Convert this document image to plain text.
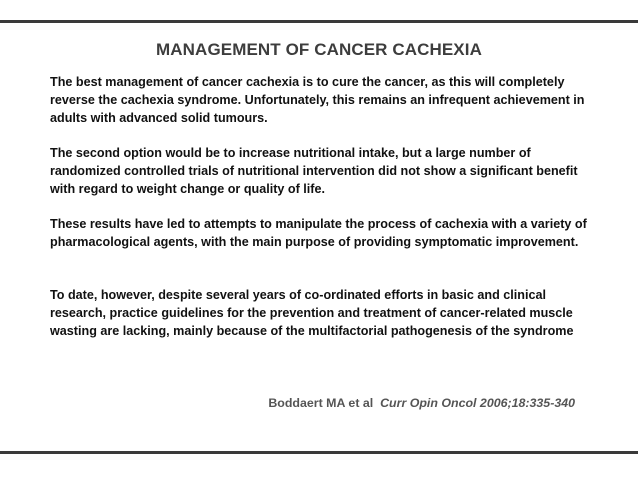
MANAGEMENT OF CANCER CACHEXIA

The best management of cancer cachexia is to cure the cancer, as this will completely reverse the cachexia syndrome. Unfortunately, this remains an infrequent achievement in adults with advanced solid tumours.

The second option would be to increase nutritional intake, but a large number of randomized controlled trials of nutritional intervention did not show a significant benefit with regard to weight change or quality of life.

These results have led to attempts to manipulate the process of cachexia with a variety of pharmacological agents, with the main purpose of providing symptomatic improvement.

To date, however, despite several years of co-ordinated efforts in basic and clinical research, practice guidelines for the prevention and treatment of cancer-related muscle wasting are lacking, mainly because of the multifactorial pathogenesis of the syndrome

Boddaert MA et al Curr Opin Oncol 2006;18:335-340
